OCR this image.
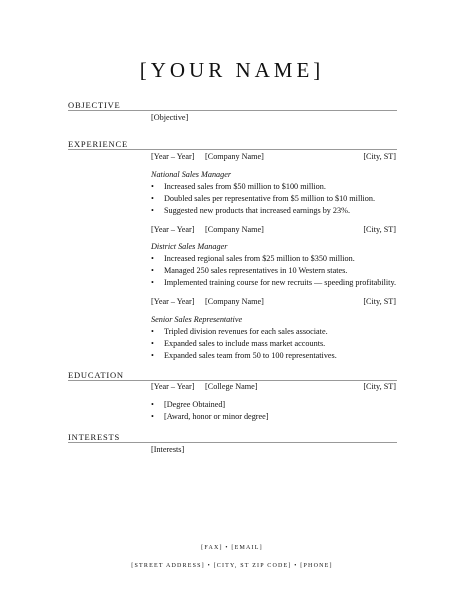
[YOUR NAME]
OBJECTIVE
[Objective]
EXPERIENCE
[Year – Year] [Company Name]	[City, ST]
National Sales Manager
• Increased sales from $50 million to $100 million.
• Doubled sales per representative from $5 million to $10 million.
• Suggested new products that increased earnings by 23%.
[Year – Year] [Company Name]	[City, ST]
District Sales Manager
• Increased regional sales from $25 million to $350 million.
• Managed 250 sales representatives in 10 Western states.
• Implemented training course for new recruits — speeding profitability.
[Year – Year] [Company Name]	[City, ST]
Senior Sales Representative
• Tripled division revenues for each sales associate.
• Expanded sales to include mass market accounts.
• Expanded sales team from 50 to 100 representatives.
EDUCATION
[Year – Year] [College Name]	[City, ST]
• [Degree Obtained]
• [Award, honor or minor degree]
INTERESTS
[Interests]
[FAX] • [EMAIL]
[STREET ADDRESS] • [CITY, ST ZIP CODE] • [PHONE]
